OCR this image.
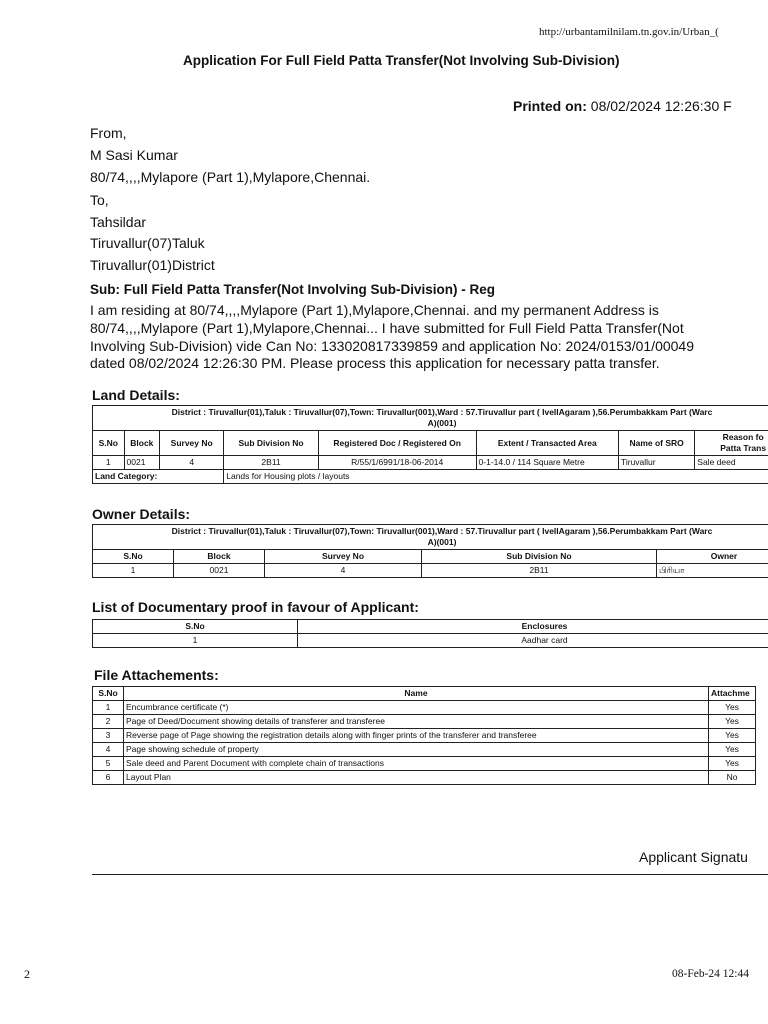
http://urbantamilnilam.tn.gov.in/Urban_(
Application For Full Field Patta Transfer(Not Involving Sub-Division)
Printed on: 08/02/2024 12:26:30 F
From,
M Sasi Kumar
80/74,,,,Mylapore (Part 1),Mylapore,Chennai.
To,
Tahsildar
Tiruvallur(07)Taluk
Tiruvallur(01)District
Sub: Full Field Patta Transfer(Not Involving Sub-Division) - Reg
I am residing at 80/74,,,,Mylapore (Part 1),Mylapore,Chennai. and my permanent Address is
80/74,,,,Mylapore (Part 1),Mylapore,Chennai... I have submitted for Full Field Patta Transfer(Not
Involving Sub-Division) vide Can No: 133020817339859 and application No: 2024/0153/01/00049
dated 08/02/2024 12:26:30 PM. Please process this application for necessary patta transfer.
Land Details:
District : Tiruvallur(01),Taluk : Tiruvallur(07),Town: Tiruvallur(001),Ward : 57.Tiruvallur part ( IvellAgaram ),56.Perumbakkam Part (Warc
A)(001)							

S.No	Block	Survey No	Sub Division No	Registered Doc / Registered On	Extent / Transacted Area	Name of SRO	Reason fo
Patta Trans

1	0021	4	2B11	R/55/1/6991/18-06-2014	0-1-14.0 / 114 Square Metre	Tiruvallur	Sale deed
Land Category:			Lands for Housing plots / layouts				
Owner Details:
District : Tiruvallur(01),Taluk : Tiruvallur(07),Town: Tiruvallur(001),Ward : 57.Tiruvallur part ( IvellAgaram ),56.Perumbakkam Part (Warc
A)(001)				

S.No	Block	Survey No	Sub Division No	Owner
1	0021	4	2B11	பிரியா
List of Documentary proof in favour of Applicant:
S.No	Enclosures
1	Aadhar card
File Attachements:
S.No	Name	Attachme
1	Encumbrance certificate (*)	Yes
2	Page of Deed/Document showing details of transferer and transferee	Yes
3	Reverse page of Page showing the registration details along with finger prints of the transferer and transferee	Yes
4	Page showing schedule of property	Yes
5	Sale deed and Parent Document with complete chain of transactions	Yes
6	Layout Plan	No
Applicant Signatu
2	08-Feb-24 12:44
